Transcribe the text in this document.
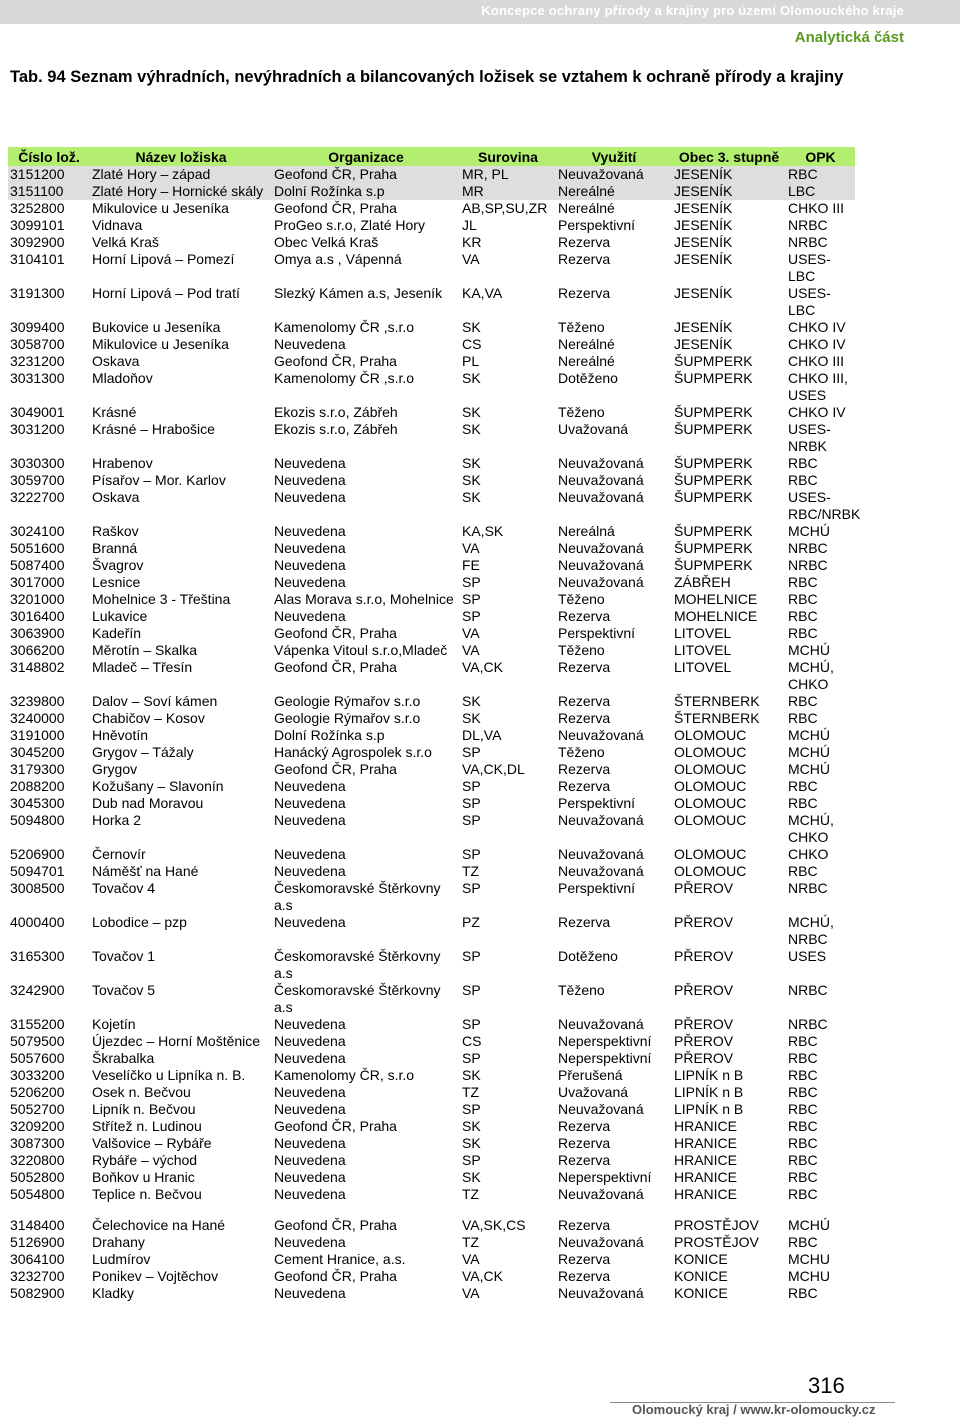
Koncepce ochrany přírody a krajiny pro území Olomouckého kraje
Analytická část
Tab. 94 Seznam výhradních, nevýhradních a bilancovaných ložisek se vztahem k ochraně přírody a krajiny
Číslo lož.	Název ložiska	Organizace	Surovina	Využití	Obec 3. stupně	OPK
3151200	Zlaté Hory – západ	Geofond ČR, Praha	MR, PL	Neuvažovaná	JESENÍK	RBC
3151100	Zlaté Hory – Hornické skály	Dolní Rožínka s.p	MR	Nereálné	JESENÍK	LBC
3252800	Mikulovice u Jeseníka	Geofond ČR, Praha	AB,SP,SU,ZR	Nereálné	JESENÍK	CHKO III
3099101	Vidnava	ProGeo s.r.o, Zlaté Hory	JL	Perspektivní	JESENÍK	NRBC
3092900	Velká Kraš	Obec Velká Kraš	KR	Rezerva	JESENÍK	NRBC
3104101	Horní Lipová – Pomezí	Omya a.s , Vápenná	VA	Rezerva	JESENÍK	USES-LBC
3191300	Horní Lipová – Pod tratí	Slezký Kámen a.s, Jeseník	KA,VA	Rezerva	JESENÍK	USES-LBC
3099400	Bukovice u Jeseníka	Kamenolomy ČR ,s.r.o	SK	Těženo	JESENÍK	CHKO IV
3058700	Mikulovice u Jeseníka	Neuvedena	CS	Nereálné	JESENÍK	CHKO IV
3231200	Oskava	Geofond ČR, Praha	PL	Nereálné	ŠUPMPERK	CHKO III
3031300	Mladoňov	Kamenolomy ČR ,s.r.o	SK	Dotěženo	ŠUPMPERK	CHKO III, USES
3049001	Krásné	Ekozis s.r.o, Zábřeh	SK	Těženo	ŠUPMPERK	CHKO IV
3031200	Krásné – Hrabošice	Ekozis s.r.o, Zábřeh	SK	Uvažovaná	ŠUPMPERK	USES-NRBK
3030300	Hrabenov	Neuvedena	SK	Neuvažovaná	ŠUPMPERK	RBC
3059700	Písařov – Mor. Karlov	Neuvedena	SK	Neuvažovaná	ŠUPMPERK	RBC
3222700	Oskava	Neuvedena	SK	Neuvažovaná	ŠUPMPERK	USES-RBC/NRBK
3024100	Raškov	Neuvedena	KA,SK	Nereálná	ŠUPMPERK	MCHÚ
5051600	Branná	Neuvedena	VA	Neuvažovaná	ŠUPMPERK	NRBC
5087400	Švagrov	Neuvedena	FE	Neuvažovaná	ŠUPMPERK	NRBC
3017000	Lesnice	Neuvedena	SP	Neuvažovaná	ZÁBŘEH	RBC
3201000	Mohelnice 3 - Třeština	Alas Morava s.r.o, Mohelnice	SP	Těženo	MOHELNICE	RBC
3016400	Lukavice	Neuvedena	SP	Rezerva	MOHELNICE	RBC
3063900	Kadeřín	Geofond ČR, Praha	VA	Perspektivní	LITOVEL	RBC
3066200	Měrotín – Skalka	Vápenka Vitoul s.r.o,Mladeč	VA	Těženo	LITOVEL	MCHÚ
3148802	Mladeč – Třesín	Geofond ČR, Praha	VA,CK	Rezerva	LITOVEL	MCHÚ, CHKO
3239800	Dalov – Soví kámen	Geologie Rýmařov s.r.o	SK	Rezerva	ŠTERNBERK	RBC
3240000	Chabičov – Kosov	Geologie Rýmařov s.r.o	SK	Rezerva	ŠTERNBERK	RBC
3191000	Hněvotín	Dolní Rožínka s.p	DL,VA	Neuvažovaná	OLOMOUC	MCHÚ
3045200	Grygov – Tážaly	Hanácký Agrospolek s.r.o	SP	Těženo	OLOMOUC	MCHÚ
3179300	Grygov	Geofond ČR, Praha	VA,CK,DL	Rezerva	OLOMOUC	MCHÚ
2088200	Kožušany – Slavonín	Neuvedena	SP	Rezerva	OLOMOUC	RBC
3045300	Dub nad Moravou	Neuvedena	SP	Perspektivní	OLOMOUC	RBC
5094800	Horka 2	Neuvedena	SP	Neuvažovaná	OLOMOUC	MCHÚ, CHKO
5206900	Černovír	Neuvedena	SP	Neuvažovaná	OLOMOUC	CHKO
5094701	Náměšť na Hané	Neuvedena	TZ	Neuvažovaná	OLOMOUC	RBC
3008500	Tovačov 4	Českomoravské Štěrkovny a.s	SP	Perspektivní	PŘEROV	NRBC
4000400	Lobodice – pzp	Neuvedena	PZ	Rezerva	PŘEROV	MCHÚ, NRBC
3165300	Tovačov 1	Českomoravské Štěrkovny a.s	SP	Dotěženo	PŘEROV	USES
3242900	Tovačov 5	Českomoravské Štěrkovny a.s	SP	Těženo	PŘEROV	NRBC
3155200	Kojetín	Neuvedena	SP	Neuvažovaná	PŘEROV	NRBC
5079500	Újezdec – Horní Moštěnice	Neuvedena	CS	Neperspektivní	PŘEROV	RBC
5057600	Škrabalka	Neuvedena	SP	Neperspektivní	PŘEROV	RBC
3033200	Veselíčko u Lipníka n. B.	Kamenolomy ČR, s.r.o	SK	Přerušená	LIPNÍK n B	RBC
5206200	Osek n. Bečvou	Neuvedena	TZ	Uvažovaná	LIPNÍK n B	RBC
5052700	Lipník n. Bečvou	Neuvedena	SP	Neuvažovaná	LIPNÍK n B	RBC
3209200	Střítež n. Ludinou	Geofond ČR, Praha	SK	Rezerva	HRANICE	RBC
3087300	Valšovice – Rybáře	Neuvedena	SK	Rezerva	HRANICE	RBC
3220800	Rybáře – východ	Neuvedena	SP	Rezerva	HRANICE	RBC
5052800	Boňkov u Hranic	Neuvedena	SK	Neperspektivní	HRANICE	RBC
5054800	Teplice n. Bečvou	Neuvedena	TZ	Neuvažovaná	HRANICE	RBC

3148400	Čelechovice na Hané	Geofond ČR, Praha	VA,SK,CS	Rezerva	PROSTĚJOV	MCHÚ
5126900	Drahany	Neuvedena	TZ	Neuvažovaná	PROSTĚJOV	RBC
3064100	Ludmírov	Cement Hranice, a.s.	VA	Rezerva	KONICE	MCHU
3232700	Ponikev – Vojtěchov	Geofond ČR, Praha	VA,CK	Rezerva	KONICE	MCHU
5082900	Kladky	Neuvedena	VA	Neuvažovaná	KONICE	RBC
316
Olomoucký kraj / www.kr-olomoucky.cz
